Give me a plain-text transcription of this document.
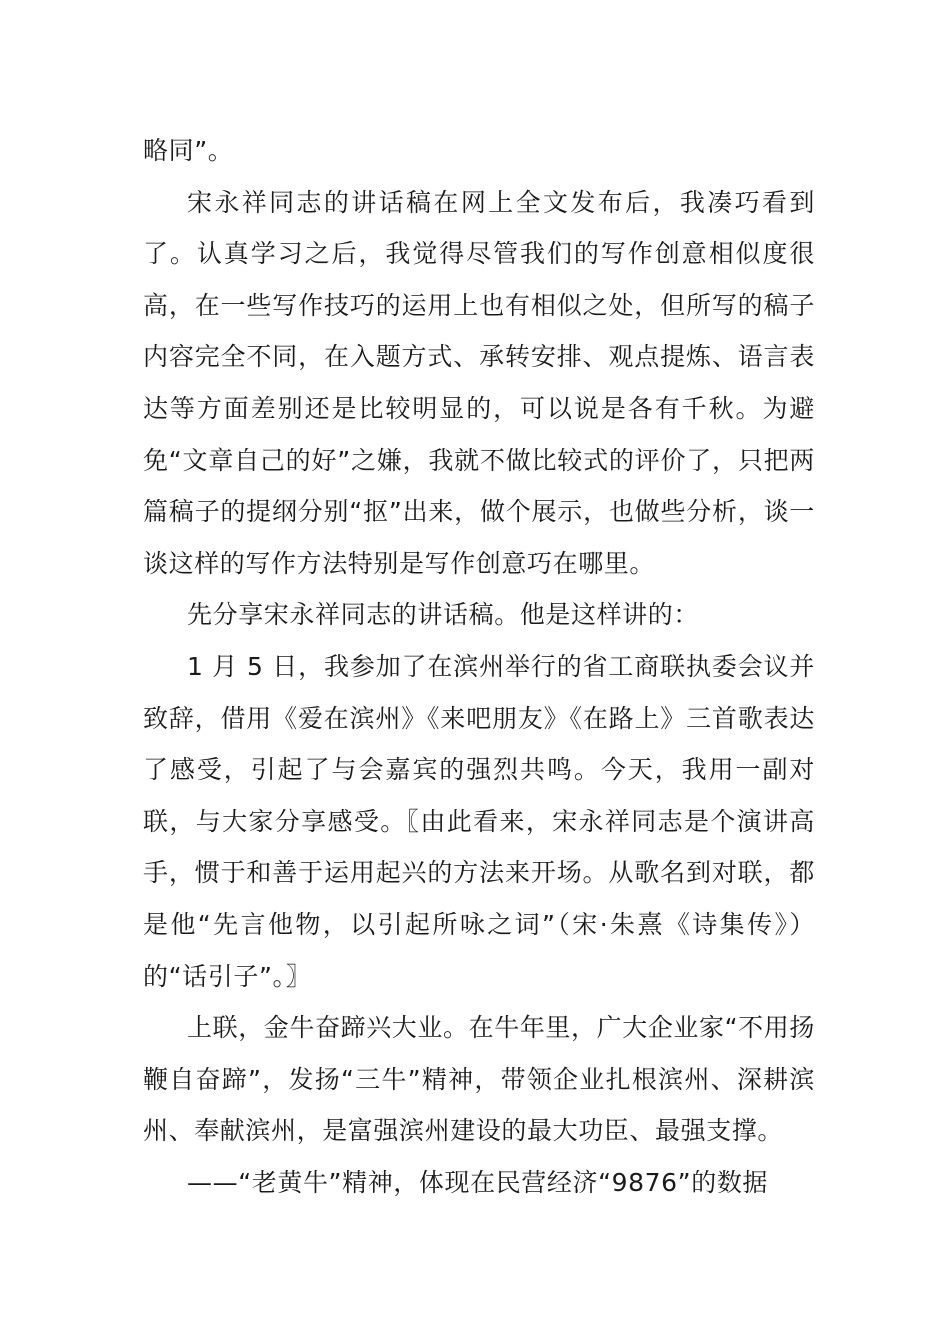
略同”。

宋永祥同志的讲话稿在网上全文发布后，我凑巧看到了。认真学习之后，我觉得尽管我们的写作创意相似度很高，在一些写作技巧的运用上也有相似之处，但所写的稿子内容完全不同，在入题方式、承转安排、观点提炼、语言表达等方面差别还是比较明显的，可以说是各有千秋。为避免“文章自己的好”之嫌，我就不做比较式的评价了，只把两篇稿子的提纲分别“抠”出来，做个展示，也做些分析，谈一谈这样的写作方法特别是写作创意巧在哪里。

先分享宋永祥同志的讲话稿。他是这样讲的：

1 月 5 日，我参加了在滨州举行的省工商联执委会议并致辞，借用《爱在滨州》《来吧朋友》《在路上》三首歌表达了感受，引起了与会嘉宾的强烈共鸣。今天，我用一副对联，与大家分享感受。〖由此看来，宋永祥同志是个演讲高手，惯于和善于运用起兴的方法来开场。从歌名到对联，都是他“先言他物，以引起所咏之词”（宋·朱熹《诗集传》）的“话引子”。〗

上联，金牛奋蹄兴大业。在牛年里，广大企业家“不用扬鞭自奋蹄”，发扬“三牛”精神，带领企业扎根滨州、深耕滨州、奉献滨州，是富强滨州建设的最大功臣、最强支撑。

——“老黄牛”精神，体现在民营经济“9876”的数据
